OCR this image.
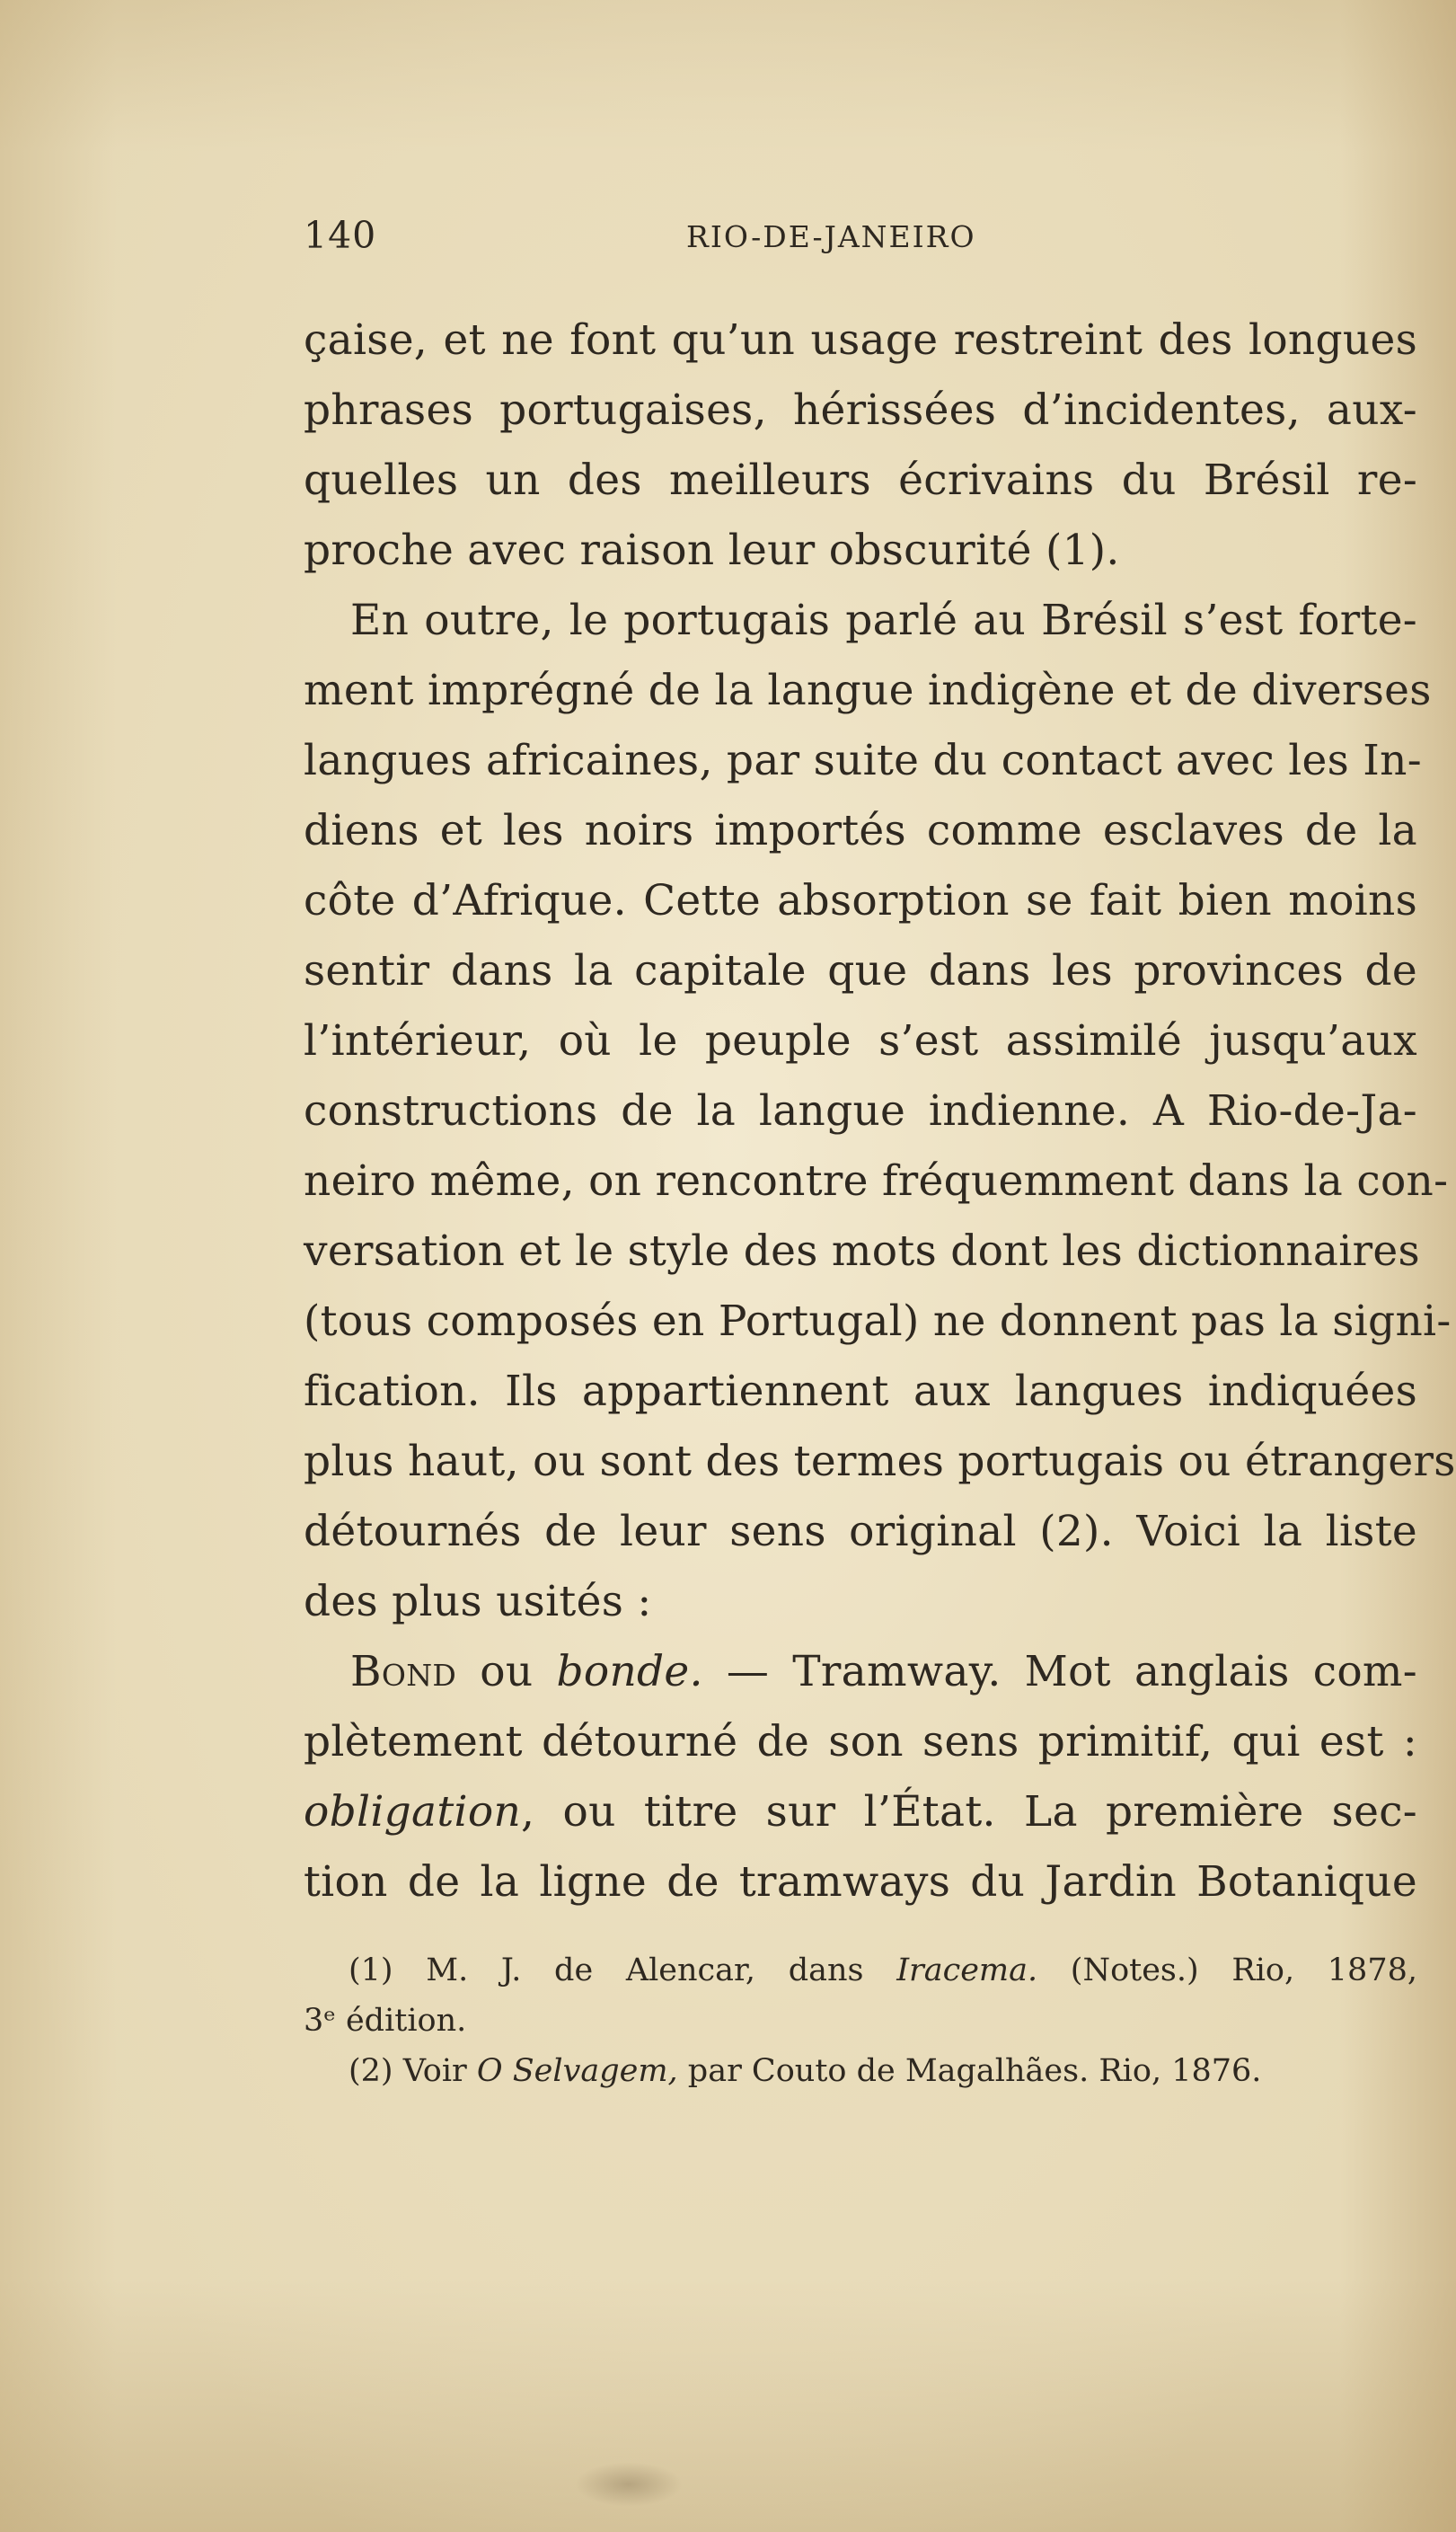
140	RIO-DE-JANEIRO
çaise, et ne font qu’un usage restreint des longues
phrases portugaises, hérissées d’incidentes, aux-
quelles un des meilleurs écrivains du Brésil re-
proche avec raison leur obscurité (1).
En outre, le portugais parlé au Brésil s’est forte-
ment imprégné de la langue indigène et de diverses
langues africaines, par suite du contact avec les In-
diens et les noirs importés comme esclaves de la
côte d’Afrique. Cette absorption se fait bien moins
sentir dans la capitale que dans les provinces de
l’intérieur, où le peuple s’est assimilé jusqu’aux
constructions de la langue indienne. A Rio-de-Ja-
neiro même, on rencontre fréquemment dans la con-
versation et le style des mots dont les dictionnaires
(tous composés en Portugal) ne donnent pas la signi-
fication. Ils appartiennent aux langues indiquées
plus haut, ou sont des termes portugais ou étrangers
détournés de leur sens original (2). Voici la liste
des plus usités :
Bond ou bonde. — Tramway. Mot anglais com-
plètement détourné de son sens primitif, qui est :
obligation, ou titre sur l’État. La première sec-
tion de la ligne de tramways du Jardin Botanique
(1) M. J. de Alencar, dans Iracema. (Notes.) Rio, 1878,
3ᵉ édition.
(2) Voir O Selvagem, par Couto de Magalhães. Rio, 1876.
